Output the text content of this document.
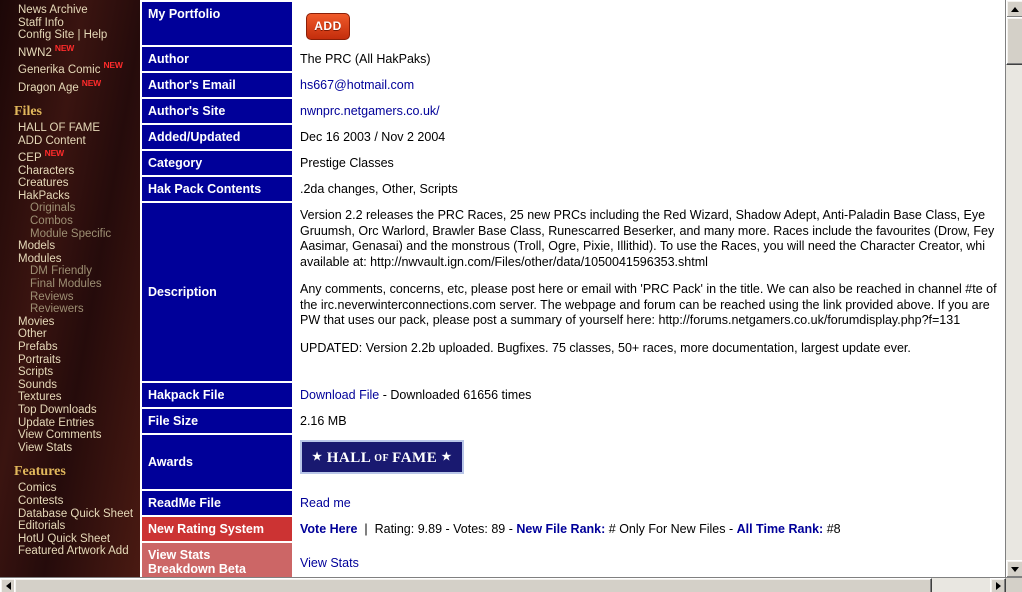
News Archive
Staff Info
Config Site | Help
NWN2 $^{NEW}$
Generika Comic $^{NEW}$
Dragon Age $^{NEW}$
Files
HALL OF FAME
ADD Content
CEP $^{NEW}$
Characters
Creatures
HakPacks
Originals
Combos
Module Specific
Models
Modules
DM Friendly
Final Modules
Reviews
Reviewers
Movies
Other
Prefabs
Portraits
Scripts
Sounds
Textures
Top Downloads
Update Entries
View Comments
View Stats
Features
Comics
Contests
Database Quick Sheet
Editorials
HotU Quick Sheet
Featured Artwork Add
My Portfolio	ADD
Author	The PRC (All HakPaks)
Author's Email	hs667@hotmail.com
Author's Site	nwnprc.netgamers.co.uk/
Added/Updated	Dec 16 2003 / Nov 2 2004
Category	Prestige Classes
Hak Pack Contents	.2da changes, Other, Scripts
Description	Version 2.2 releases the PRC Races, 25 new PRCs including the Red Wizard, Shadow Adept, Anti-Paladin Base Class, Eye Gruumsh, Orc Warlord, Brawler Base Class, Runescarred Beserker, and many more. Races include the favourites (Drow, Fey Aasimar, Genasai) and the monstrous (Troll, Ogre, Pixie, Illithid). To use the Races, you will need the Character Creator, whi available at: http://nwvault.ign.com/Files/other/data/1050041596353.shtml

Any comments, concerns, etc, please post here or email with 'PRC Pack' in the title. We can also be reached in channel #te of the irc.neverwinterconnections.com server. The webpage and forum can be reached using the link provided above. If you are PW that uses our pack, please post a summary of yourself here: http://forums.netgamers.co.uk/forumdisplay.php?f=131

UPDATED: Version 2.2b uploaded. Bugfixes. 75 classes, 50+ races, more documentation, largest update ever.

Hakpack File	Download File - Downloaded 61656 times
File Size	2.16 MB
Awards	★ HALL OF FAME ★
ReadMe File	Read me
New Rating System	Vote Here  |  Rating: 9.89 - Votes: 89 - New File Rank: # Only For New Files - All Time Rank: #8

View Stats
Breakdown Beta	View Stats
